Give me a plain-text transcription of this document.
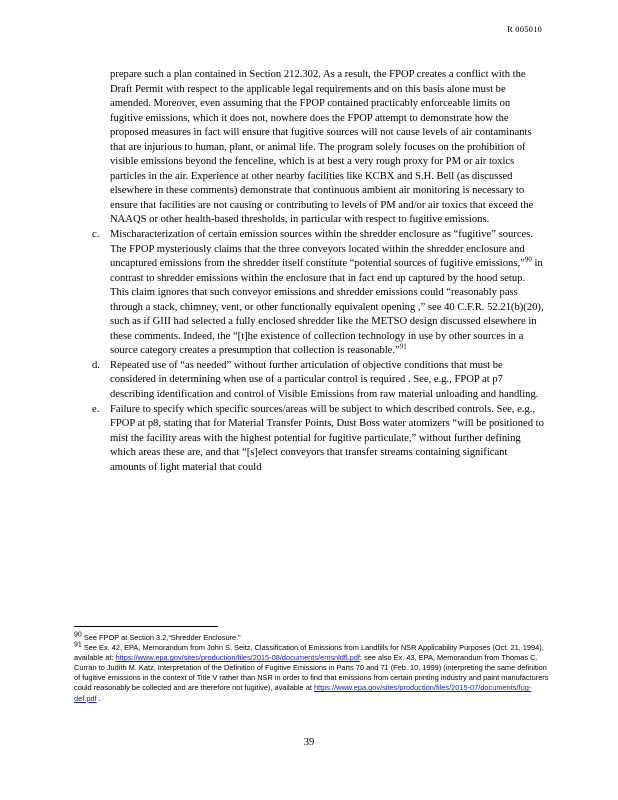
R 005010

prepare such a plan contained in Section 212.302. As a result, the FPOP creates a conflict with the Draft Permit with respect to the applicable legal requirements and on this basis alone must be amended. Moreover, even assuming that the FPOP contained practicably enforceable limits on fugitive emissions, which it does not, nowhere does the FPOP attempt to demonstrate how the proposed measures in fact will ensure that fugitive sources will not cause levels of air contaminants that are injurious to human, plant, or animal life. The program solely focuses on the prohibition of visible emissions beyond the fenceline, which is at best a very rough proxy for PM or air toxics particles in the air. Experience at other nearby facilities like KCBX and S.H. Bell (as discussed elsewhere in these comments) demonstrate that continuous ambient air monitoring is necessary to ensure that facilities are not causing or contributing to levels of PM and/or air toxics that exceed the NAAQS or other health-based thresholds, in particular with respect to fugitive emissions.

c. Mischaracterization of certain emission sources within the shredder enclosure as “fugitive” sources. The FPOP mysteriously claims that the three conveyors located within the shredder enclosure and uncaptured emissions from the shredder itself constitute “potential sources of fugitive emissions,”$^{90}$ in contrast to shredder emissions within the enclosure that in fact end up captured by the hood setup. This claim ignores that such conveyor emissions and shredder emissions could “reasonably pass through a stack, chimney, vent, or other functionally equivalent opening ,” see 40 C.F.R. 52.21(b)(20), such as if GIII had selected a fully enclosed shredder like the METSO design discussed elsewhere in these comments. Indeed, the “[t]he existence of collection technology in use by other sources in a source category creates a presumption that collection is reasonable.”$^{91}$

d. Repeated use of “as needed” without further articulation of objective conditions that must be considered in determining when use of a particular control is required . See, e.g., FPOP at p7 describing identification and control of Visible Emissions from raw material unloading and handling.

e. Failure to specify which specific sources/areas will be subject to which described controls. See, e.g., FPOP at p8, stating that for Material Transfer Points, Dust Boss water atomizers “will be positioned to mist the facility areas with the highest potential for fugitive particulate,” without further defining which areas these are, and that “[s]elect conveyors that transfer streams containing significant amounts of light material that could

90 See FPOP at Section 3.2,“Shredder Enclosure.”

91 See Ex. 42, EPA, Memorandum from John S. Seitz, Classification of Emissions from Landfills for NSR Applicability Purposes (Oct. 21, 1994), available at: https://www.epa.gov/sites/production/files/2015-08/documents/emsnldfl.pdf; see also Ex. 43, EPA, Memorandum from Thomas C. Curran to Judith M. Katz, Interpretation of the Definition of Fugitive Emissions in Parts 70 and 71 (Feb. 10, 1999) (interpreting the same definition of fugitive emissions in the context of Title V rather than NSR in order to find that emissions from certain printing industry and paint manufacturers could reasonably be collected and are therefore not fugitive), available at https://www.epa.gov/sites/production/files/2015-07/documents/fug-def.pdf .

39
